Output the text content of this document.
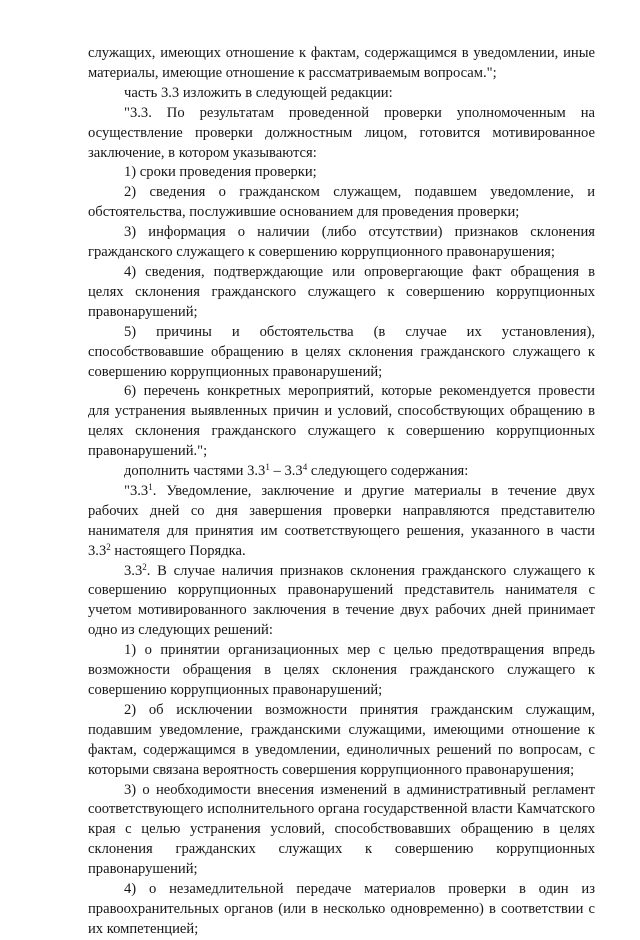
служащих, имеющих отношение к фактам, содержащимся в уведомлении, иные материалы, имеющие отношение к рассматриваемым вопросам.";

часть 3.3 изложить в следующей редакции:

"3.3. По результатам проведенной проверки уполномоченным на осуществление проверки должностным лицом, готовится мотивированное заключение, в котором указываются:

1) сроки проведения проверки;

2) сведения о гражданском служащем, подавшем уведомление, и обстоятельства, послужившие основанием для проведения проверки;

3) информация о наличии (либо отсутствии) признаков склонения гражданского служащего к совершению коррупционного правонарушения;

4) сведения, подтверждающие или опровергающие факт обращения в целях склонения гражданского служащего к совершению коррупционных правонарушений;

5) причины и обстоятельства (в случае их установления), способствовавшие обращению в целях склонения гражданского служащего к совершению коррупционных правонарушений;

6) перечень конкретных мероприятий, которые рекомендуется провести для устранения выявленных причин и условий, способствующих обращению в целях склонения гражданского служащего к совершению коррупционных правонарушений.";

дополнить частями $3.3^1 - 3.3^4$ следующего содержания:

"$3.3^1$. Уведомление, заключение и другие материалы в течение двух рабочих дней со дня завершения проверки направляются представителю нанимателя для принятия им соответствующего решения, указанного в части $3.3^2$ настоящего Порядка.

$3.3^2$. В случае наличия признаков склонения гражданского служащего к совершению коррупционных правонарушений представитель нанимателя с учетом мотивированного заключения в течение двух рабочих дней принимает одно из следующих решений:

1) о принятии организационных мер с целью предотвращения впредь возможности обращения в целях склонения гражданского служащего к совершению коррупционных правонарушений;

2) об исключении возможности принятия гражданским служащим, подавшим уведомление, гражданскими служащими, имеющими отношение к фактам, содержащимся в уведомлении, единоличных решений по вопросам, с которыми связана вероятность совершения коррупционного правонарушения;

3) о необходимости внесения изменений в административный регламент соответствующего исполнительного органа государственной власти Камчатского края с целью устранения условий, способствовавших обращению в целях склонения гражданских служащих к совершению коррупционных правонарушений;

4) о незамедлительной передаче материалов проверки в один из правоохранительных органов (или в несколько одновременно) в соответствии с их компетенцией;
